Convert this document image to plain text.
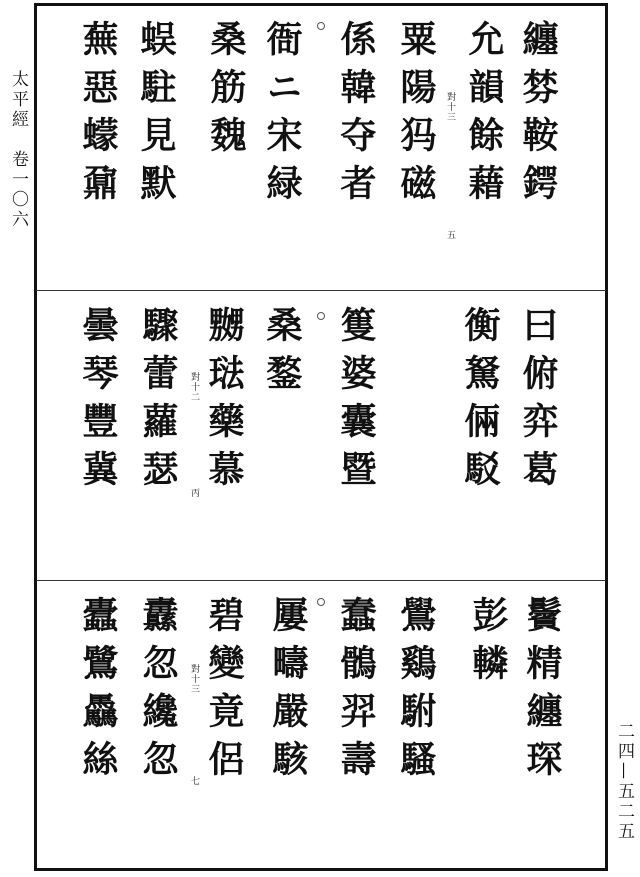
太平經　卷一〇六
二四—五二五
纏棼鞍鍔
允韻餘藉
粟陽犸磁
係韓夺者
衙ニ宋緑
桑筋魏
蜈駐見默
蕪惡蠓鼐
曰俯弈葛
衡駑倆駁
篗婆囊暨
桑鍪
嬲琺藥慕
驟蕾蘿瑟
曇琴豐冀
鬢精纏琛
彭轔
鷽鷄駙騷
蠢鶻羿壽
屢疇嚴駭
碧變竟侶
纛忽纔忽
蠹鷺驫絲
對十三
五
對十二
丙
對十三
七
